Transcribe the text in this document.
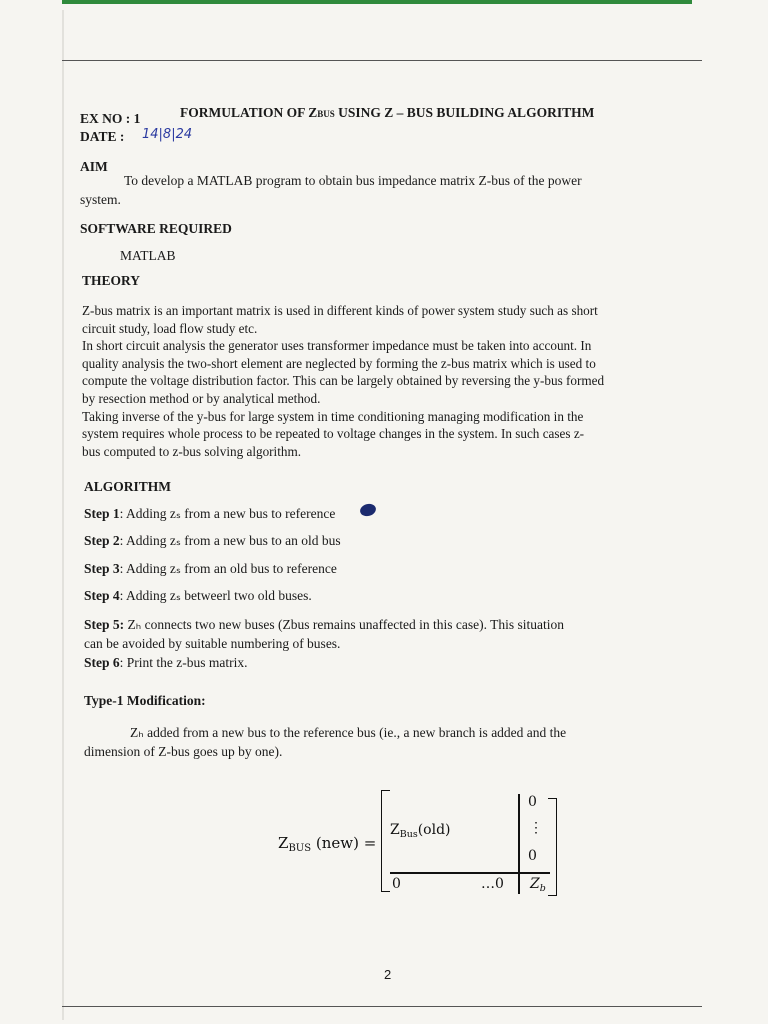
EX NO : 1	FORMULATION OF ZBUS USING Z – BUS BUILDING ALGORITHM
DATE : 14|8|24
AIM
To develop a MATLAB program to obtain bus impedance matrix Z-bus of the power
system.
SOFTWARE REQUIRED
MATLAB
THEORY
Z-bus matrix is an important matrix is used in different kinds of power system study such as short
circuit study, load flow study etc.
In short circuit analysis the generator uses transformer impedance must be taken into account. In
quality analysis the two-short element are neglected by forming the z-bus matrix which is used to
compute the voltage distribution factor. This can be largely obtained by reversing the y-bus formed
by resection method or by analytical method.
Taking inverse of the y-bus for large system in time conditioning managing modification in the
system requires whole process to be repeated to voltage changes in the system. In such cases z-
bus computed to z-bus solving algorithm.
ALGORITHM
Step 1: Adding zₛ from a new bus to reference
Step 2: Adding zₛ from a new bus to an old bus
Step 3: Adding zₛ from an old bus to reference
Step 4: Adding zₛ betweerl two old buses.
Step 5: Zₕ connects two new buses (Zbus remains unaffected in this case). This situation
can be avoided by suitable numbering of buses.
Step 6: Print the z-bus matrix.
Type-1 Modification:
Zₕ added from a new bus to the reference bus (ie., a new branch is added and the
dimension of Z-bus goes up by one).
$Z_{BUS}$ (new) =
$Z_{Bus}(old)$
0
⋮
0
0	…0 $Z_b$
2
